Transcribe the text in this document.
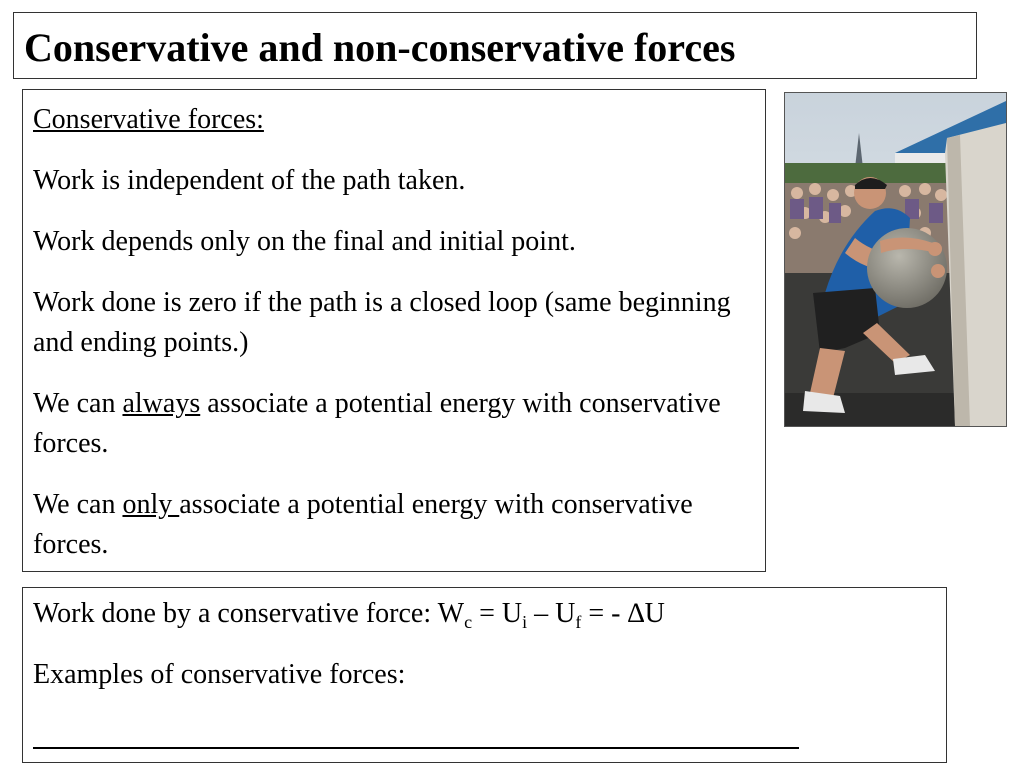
Conservative and non-conservative forces

Conservative forces:

Work is independent of the path taken.

Work depends only on the final and initial point.

Work done is zero if the path is a closed loop (same beginning and ending points.)

We can always associate a potential energy with conservative forces.

We can only associate a potential energy with conservative forces.

Work done by a conservative force: $W_c = U_i - U_f$ = - ∆U

Examples of conservative forces:
